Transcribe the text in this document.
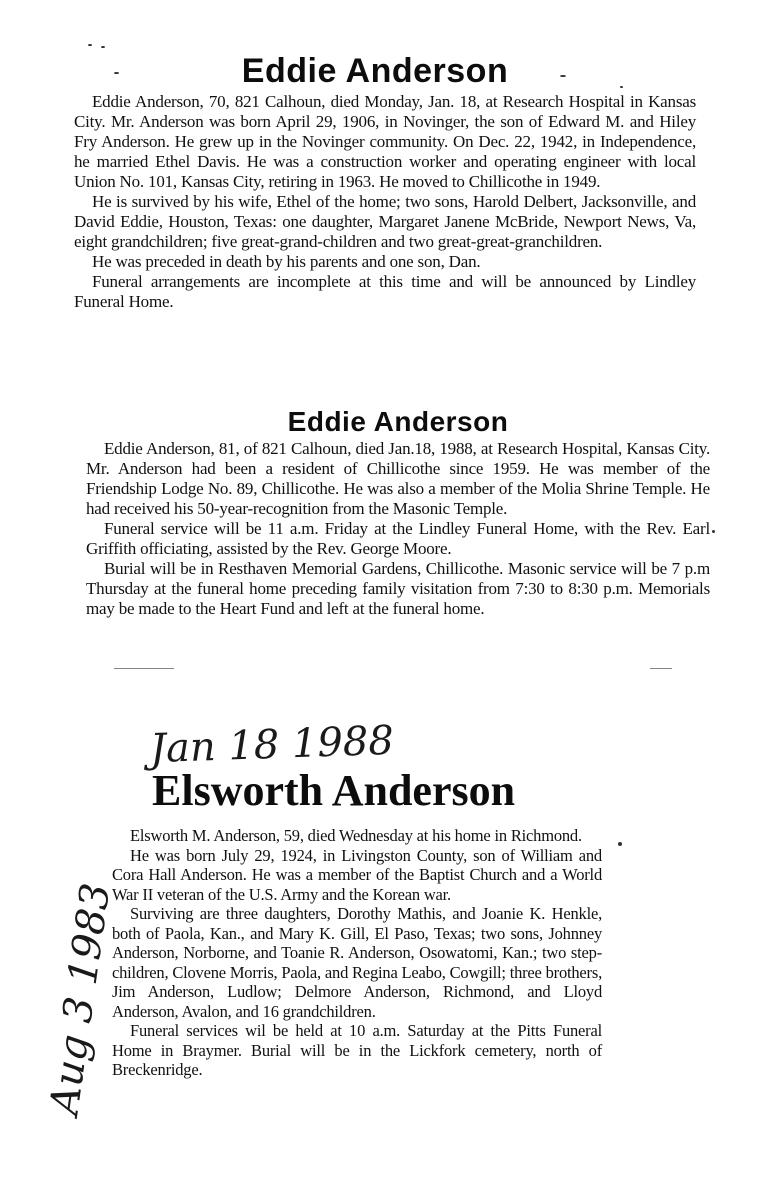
Eddie Anderson

Eddie Anderson, 70, 821 Calhoun, died Monday, Jan. 18, at Research Hospital in Kansas City. Mr. Anderson was born April 29, 1906, in Novinger, the son of Edward M. and Hiley Fry Anderson. He grew up in the Novinger community. On Dec. 22, 1942, in Independence, he married Ethel Davis. He was a construction worker and operating engineer with local Union No. 101, Kansas City, retiring in 1963. He moved to Chillicothe in 1949.

He is survived by his wife, Ethel of the home; two sons, Harold Delbert, Jacksonville, and David Eddie, Houston, Texas: one daughter, Margaret Janene McBride, Newport News, Va, eight grandchildren; five great-grand-children and two great-great-granchildren.

He was preceded in death by his parents and one son, Dan.

Funeral arrangements are incomplete at this time and will be announced by Lindley Funeral Home.

Eddie Anderson

Eddie Anderson, 81, of 821 Calhoun, died Jan.18, 1988, at Research Hospital, Kansas City. Mr. Anderson had been a resident of Chillicothe since 1959. He was member of the Friendship Lodge No. 89, Chillicothe. He was also a member of the Molia Shrine Temple. He had received his 50-year-recognition from the Masonic Temple.

Funeral service will be 11 a.m. Friday at the Lindley Funeral Home, with the Rev. Earl Griffith officiating, assisted by the Rev. George Moore.

Burial will be in Resthaven Memorial Gardens, Chillicothe. Masonic service will be 7 p.m Thursday at the funeral home preceding family visitation from 7:30 to 8:30 p.m. Memorials may be made to the Heart Fund and left at the funeral home.

Jan 18 1988
Aug 3 1983
Elsworth Anderson

Elsworth M. Anderson, 59, died Wednesday at his home in Richmond.

He was born July 29, 1924, in Livingston County, son of William and Cora Hall Anderson. He was a member of the Baptist Church and a World War II veteran of the U.S. Army and the Korean war.

Surviving are three daughters, Dorothy Mathis, and Joanie K. Henkle, both of Paola, Kan., and Mary K. Gill, El Paso, Texas; two sons, Johnney Anderson, Norborne, and Toanie R. Anderson, Osowatomi, Kan.; two step-children, Clovene Morris, Paola, and Regina Leabo, Cowgill; three brothers, Jim Anderson, Ludlow; Delmore Anderson, Richmond, and Lloyd Anderson, Avalon, and 16 grandchildren.

Funeral services wil be held at 10 a.m. Saturday at the Pitts Funeral Home in Braymer. Burial will be in the Lickfork cemetery, north of Breckenridge.
